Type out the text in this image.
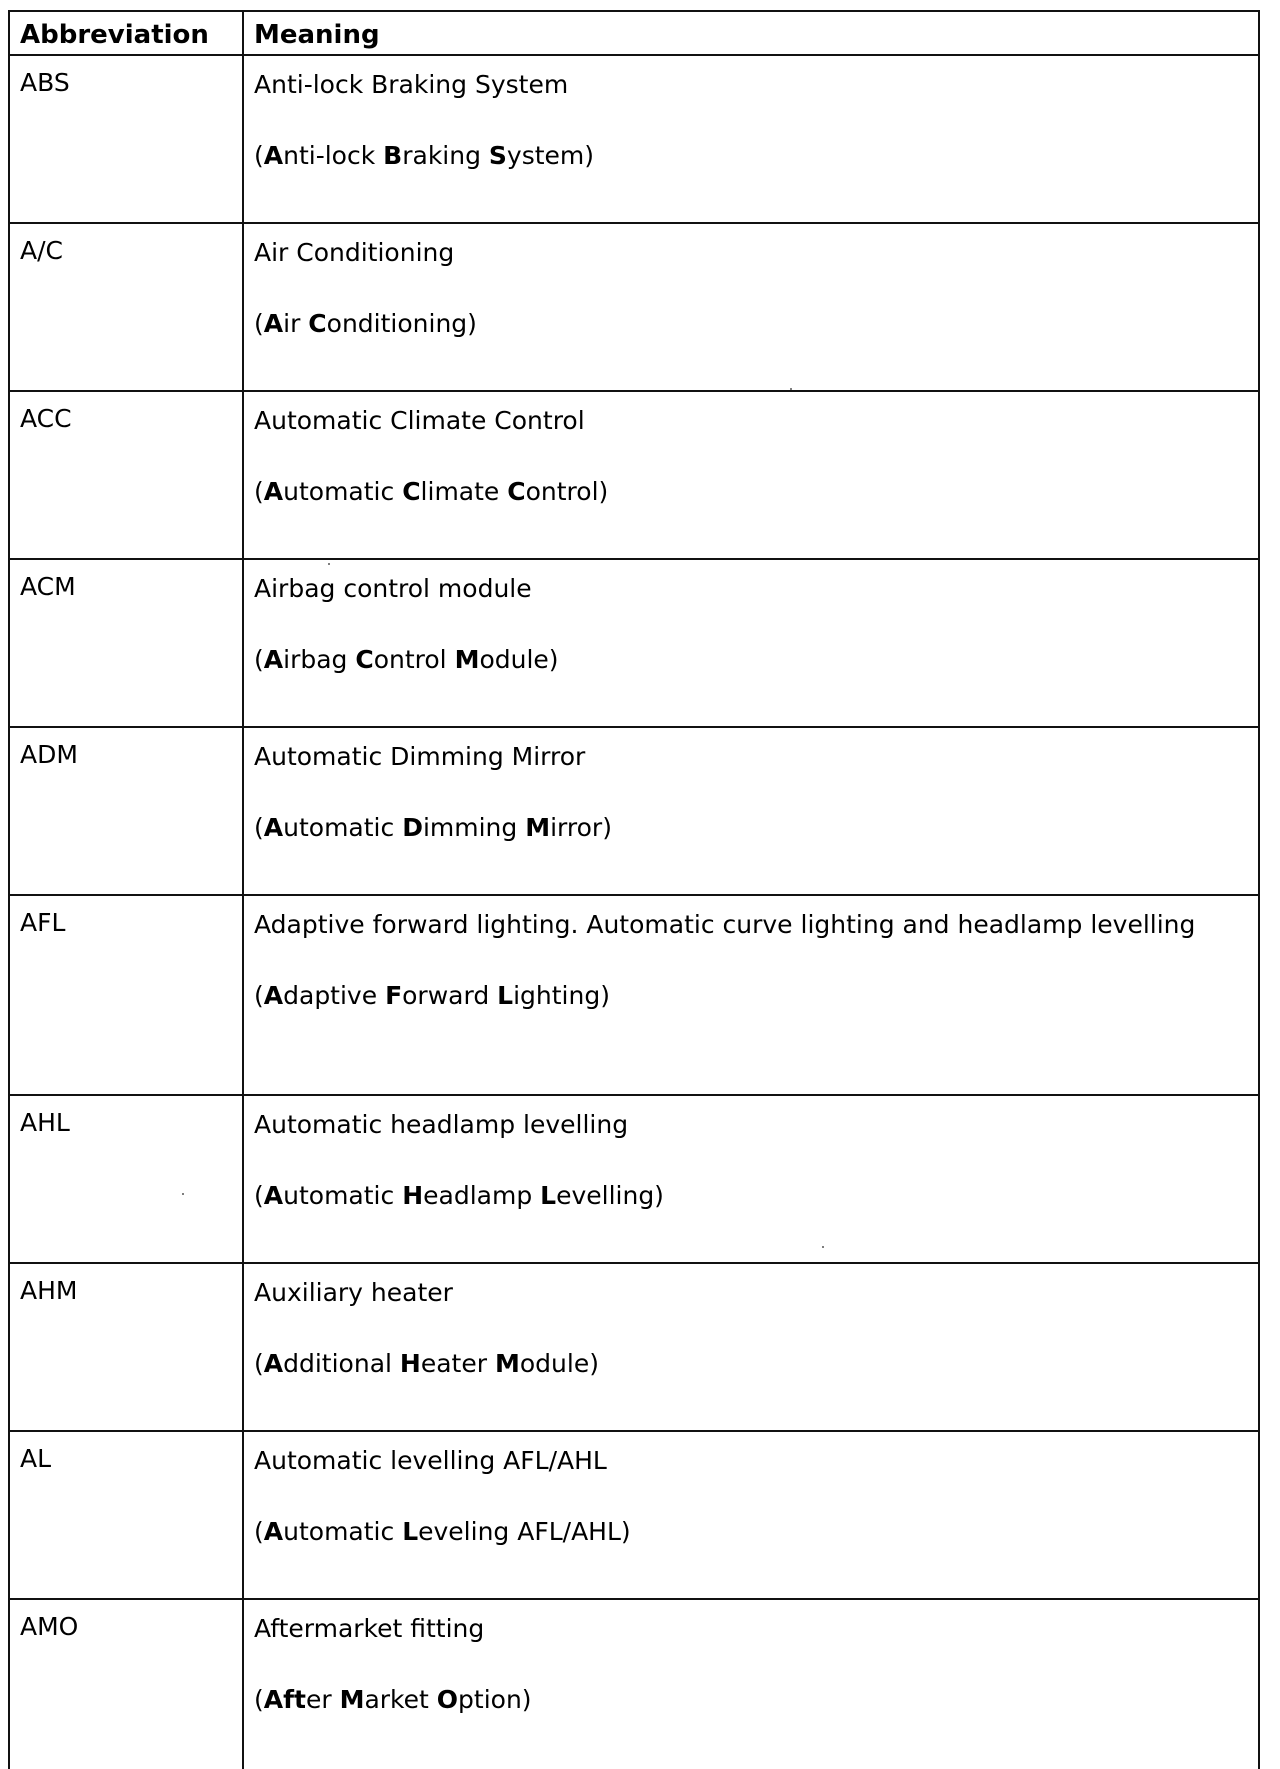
Abbreviation	Meaning
ABS	Anti-lock Braking System

(Anti-lock Braking System)

A/C	Air Conditioning

(Air Conditioning)

ACC	Automatic Climate Control

(Automatic Climate Control)

ACM	Airbag control module

(Airbag Control Module)

ADM	Automatic Dimming Mirror

(Automatic Dimming Mirror)

AFL	Adaptive forward lighting. Automatic curve lighting and headlamp levelling

(Adaptive Forward Lighting)

AHL	Automatic headlamp levelling

(Automatic Headlamp Levelling)

AHM	Auxiliary heater

(Additional Heater Module)

AL	Automatic levelling AFL/AHL

(Automatic Leveling AFL/AHL)

AMO	Aftermarket fitting

(After Market Option)
